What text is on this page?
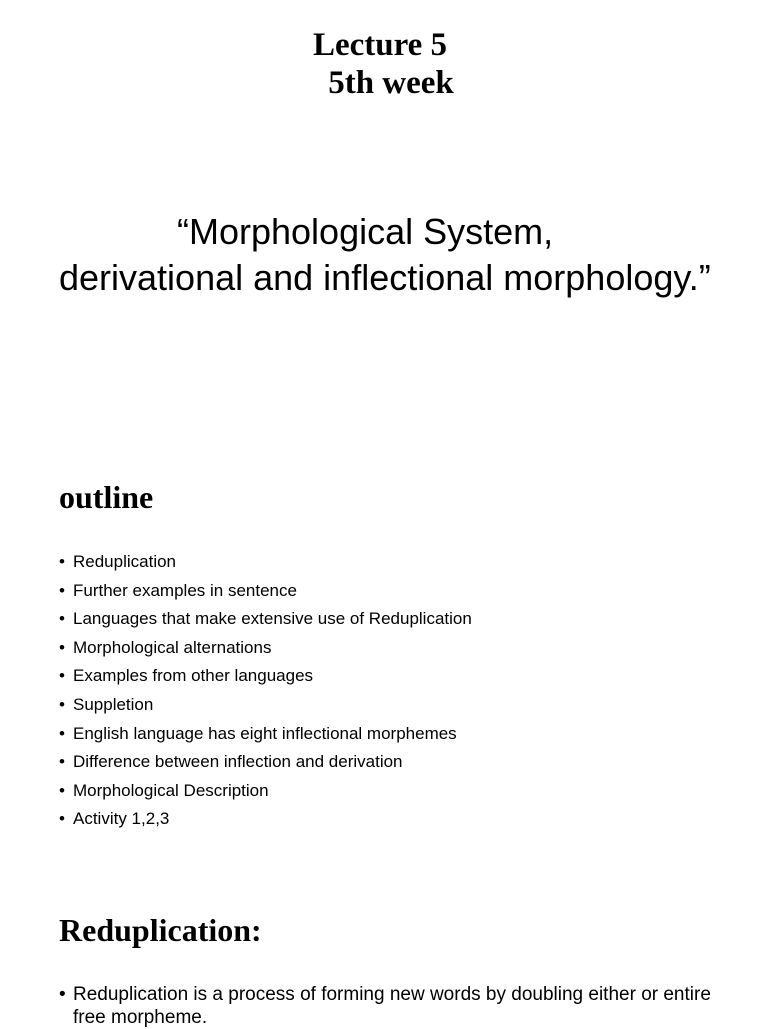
Lecture 5
5th week
“Morphological System, derivational and inflectional morphology.”
outline
• Reduplication
• Further examples in sentence
• Languages that make extensive use of Reduplication
• Morphological alternations
• Examples from other languages
• Suppletion
• English language has eight inflectional morphemes
• Difference between inflection and derivation
• Morphological Description
• Activity 1,2,3
Reduplication:
• Reduplication is a process of forming new words by doubling either or entire free morpheme.
